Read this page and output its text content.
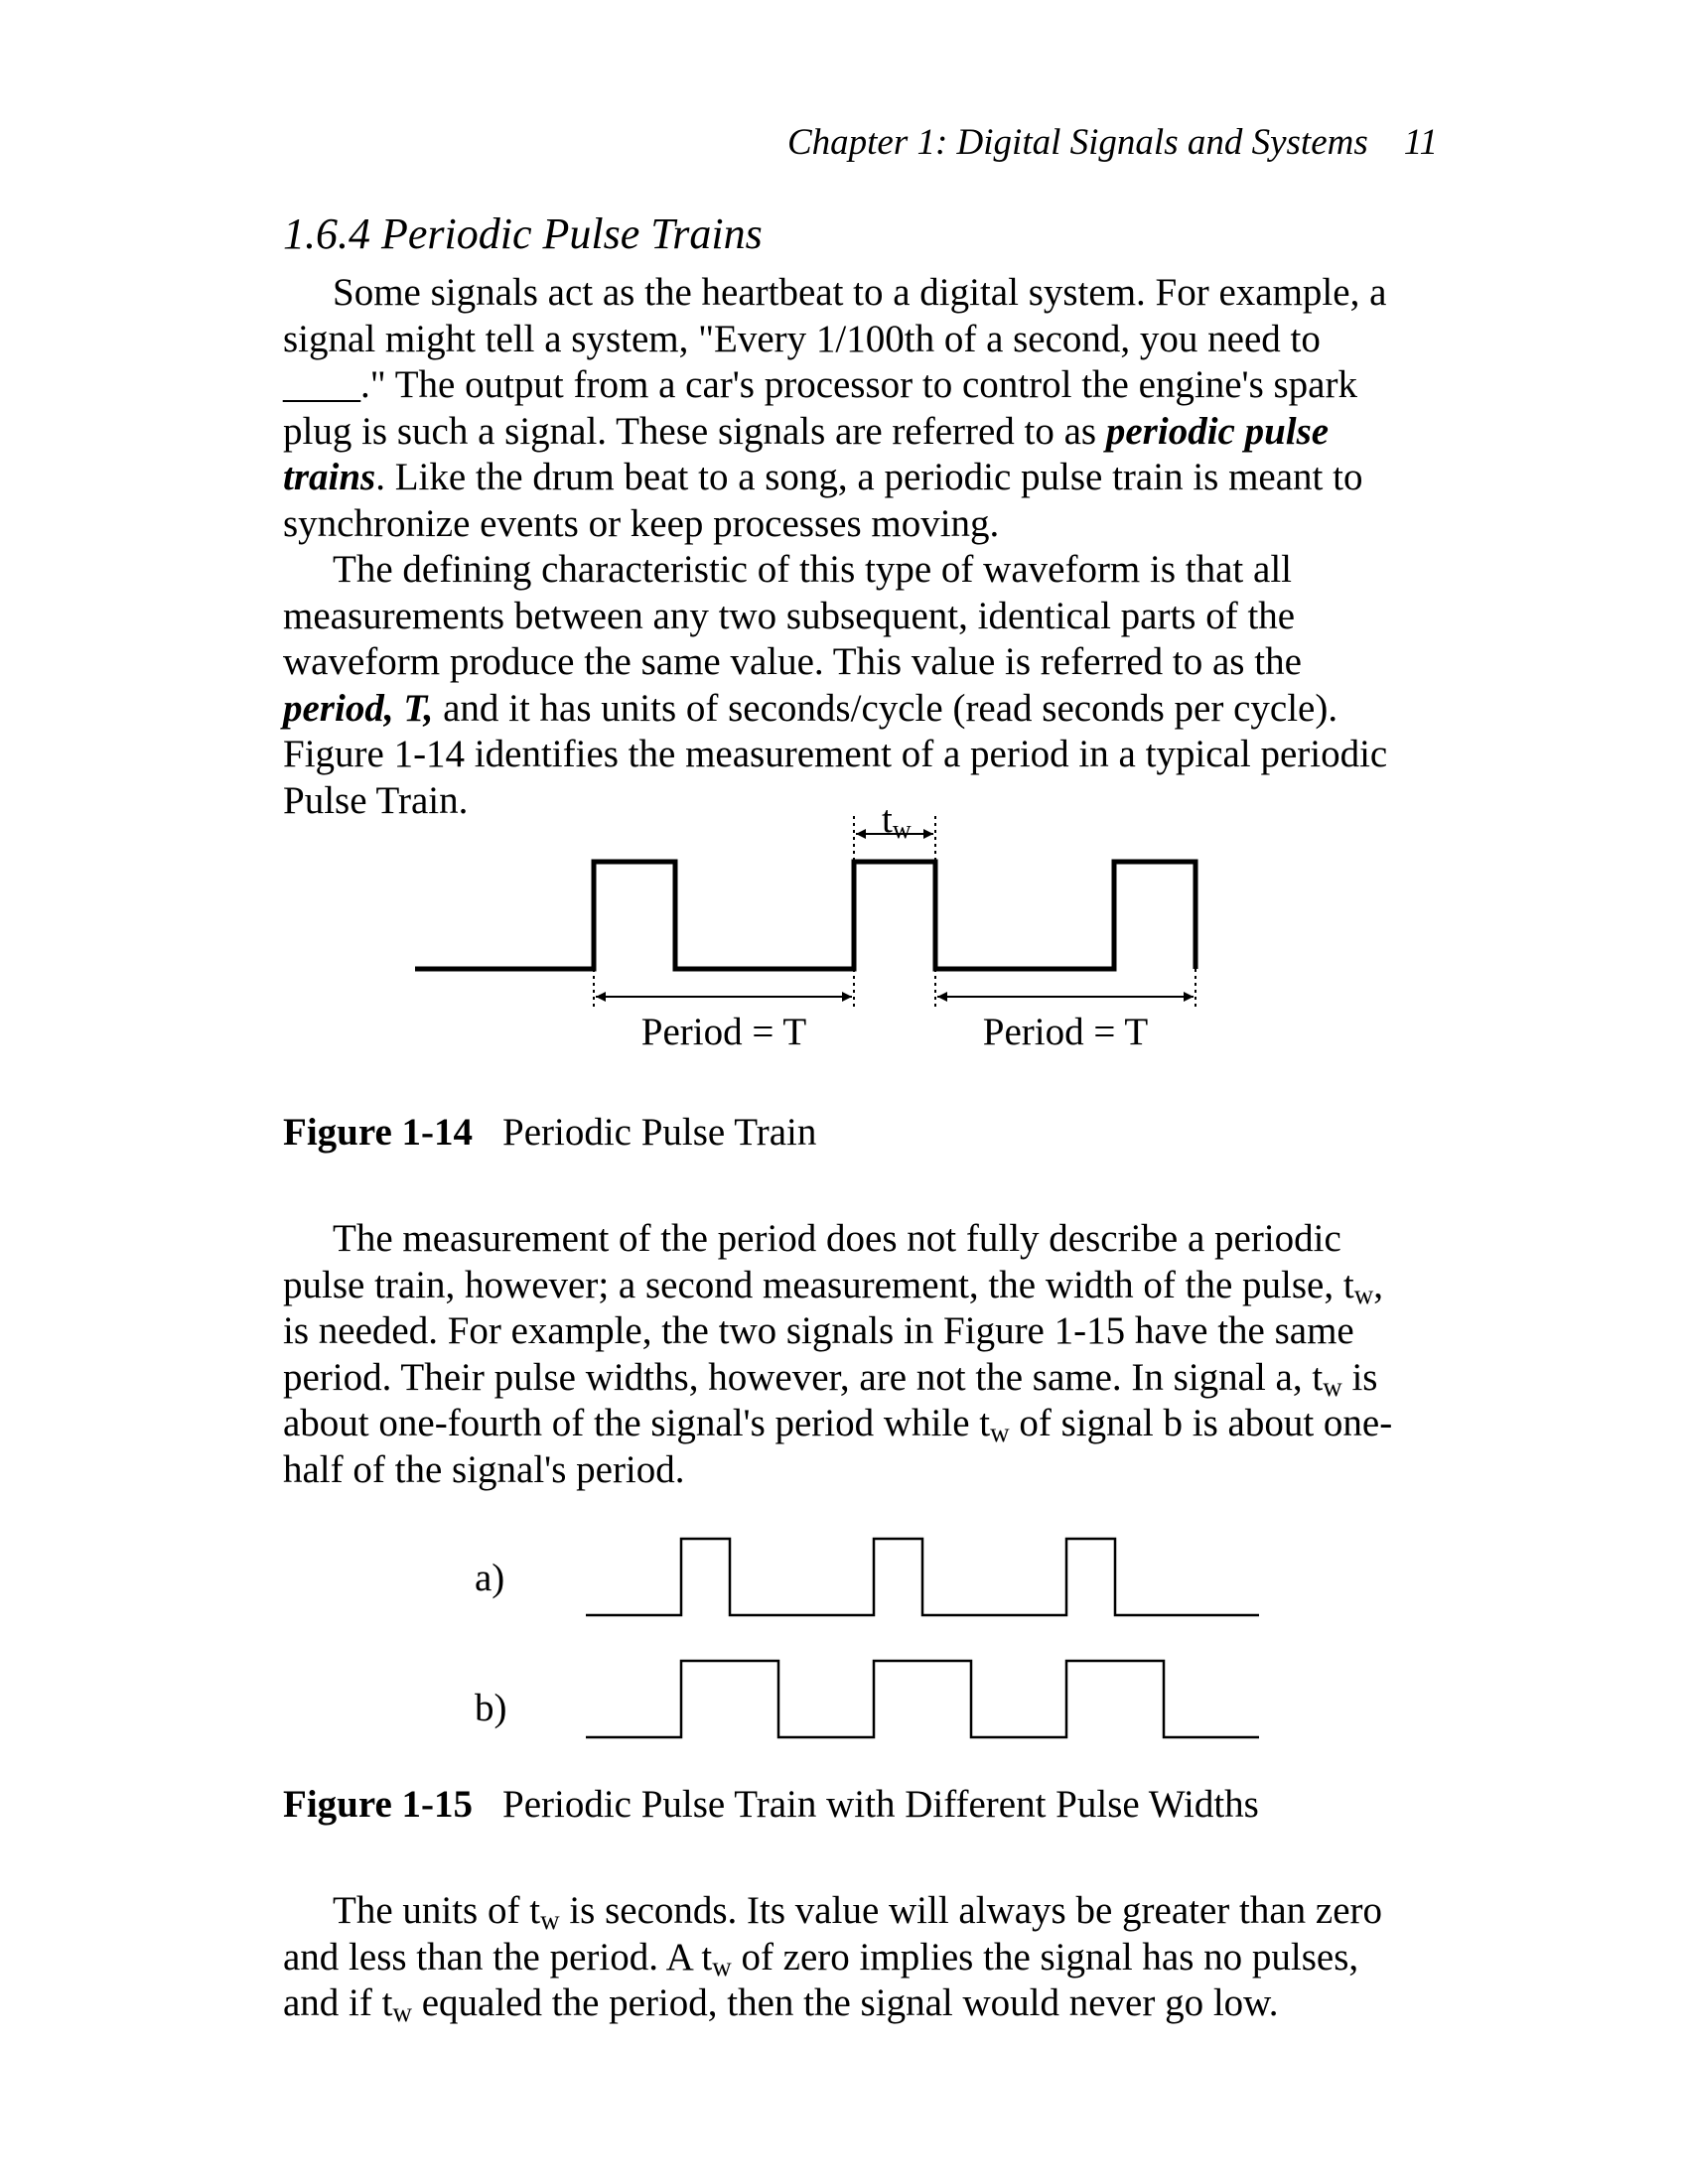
Chapter 1: Digital Signals and Systems 11
1.6.4 Periodic Pulse Trains
Some signals act as the heartbeat to a digital system. For example, a
signal might tell a system, "Every 1/100th of a second, you need to
____." The output from a car's processor to control the engine's spark
plug is such a signal. These signals are referred to as periodic pulse
trains. Like the drum beat to a song, a periodic pulse train is meant to
synchronize events or keep processes moving.
The defining characteristic of this type of waveform is that all
measurements between any two subsequent, identical parts of the
waveform produce the same value. This value is referred to as the
period, T, and it has units of seconds/cycle (read seconds per cycle).
Figure 1-14 identifies the measurement of a period in a typical periodic
Pulse Train.	tw
Period = T	Period = T

Figure 1-14 Periodic Pulse Train

The measurement of the period does not fully describe a periodic
pulse train, however; a second measurement, the width of the pulse, $t_w$,
is needed. For example, the two signals in Figure 1-15 have the same
period. Their pulse widths, however, are not the same. In signal a, $t_w$ is
about one-fourth of the signal's period while $t_w$ of signal b is about one-
half of the signal's period.
a)
b)

Figure 1-15 Periodic Pulse Train with Different Pulse Widths

The units of $t_w$ is seconds. Its value will always be greater than zero
and less than the period. A $t_w$ of zero implies the signal has no pulses,
and if $t_w$ equaled the period, then the signal would never go low.
